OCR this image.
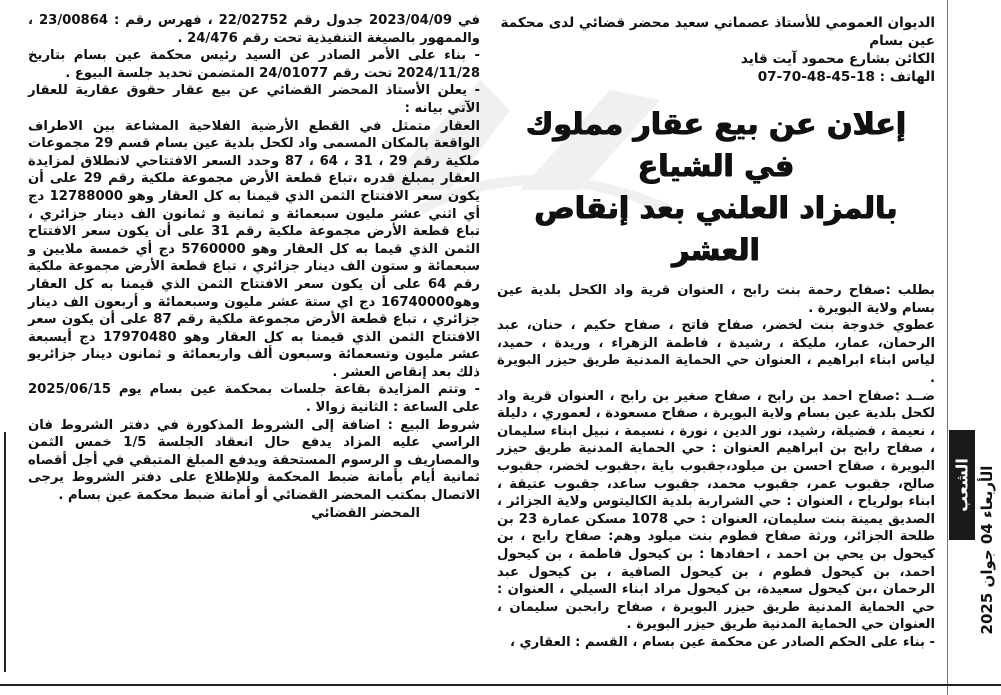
في 2023/04/09 جدول رقم 22/02752 ، فهرس رقم : 23/00864 ، والممهور بالصيغة التنفيذية تحت رقم 24/476 .

- بناء على الأمر الصادر عن السيد رئيس محكمة عين بسام بتاريخ 2024/11/28 تحت رقم 24/01077 المتضمن تحديد جلسة البيوع .

- يعلن الأستاذ المحضر القضائي عن بيع عقار حقوق عقارية للعقار الآتي بيانه :

العقار متمثل في القطع الأرضية الفلاحية المشاعة بين الاطراف الواقعة بالمكان المسمى واد لكحل بلدية عين بسام قسم 29 مجموعات ملكية رقم 29 ، 31 ، 64 ، 87 وحدد السعر الافتتاحي لانطلاق لمزايدة العقار بمبلغ قدره ،تباع قطعة الأرض مجموعة ملكية رقم 29 على أن يكون سعر الافتتاح الثمن الذي قيمنا به كل العقار وهو 12788000 دج أي اثني عشر مليون سبعمائة و ثمانية و ثمانون الف دينار جزائري ، تباع قطعة الأرض مجموعة ملكية رقم 31 على أن يكون سعر الافتتاح الثمن الذي قيما به كل العقار وهو 5760000 دج أي خمسة ملايين و سبعمائة و ستون الف دينار جزائري ، تباع قطعة الأرض مجموعة ملكية رقم 64 على أن يكون سعر الافتتاح الثمن الذي قيمنا به كل العقار وهو16740000 دج اي ستة عشر مليون وسبعمائة و أربعون الف دينار جزائري ، تباع قطعة الأرض مجموعة ملكية رقم 87 على أن يكون سعر الافتتاح الثمن الذي قيمنا به كل العقار وهو 17970480 دج أيسبعة عشر مليون وتسعمائة وسبعون ألف واربعمائة و ثمانون دينار جزائريو ذلك بعد إنقاص العشر .

- وتتم المزايدة بقاعة جلسات بمحكمة عين بسام يوم 2025/06/15 على الساعة : الثانية زوالا .

شروط البيع : اضافة إلى الشروط المذكورة في دفتر الشروط فان الراسي عليه المزاد يدفع حال انعقاد الجلسة 1/5 خمس الثمن والمصاريف و الرسوم المستحقة ويدفع المبلغ المتبقي في أجل أقصاه ثمانية أيام بأمانة ضبط المحكمة وللإطلاع على دفتر الشروط يرجى الاتصال بمكتب المحضر القضائي أو أمانة ضبط محكمة عين بسام .

المحضر القضائي

الديوان العمومي للأستاذ عصماني سعيد محضر قضائي لدى محكمة

عين بسام

الكائن بشارع محمود آيت قايد

الهاتف : 18-45-48-70-07

إعلان عن بيع عقار مملوك في الشياع
بالمزاد العلني بعد إنقاص العشر

بطلب :صفاح رحمة بنت رابح ، العنوان قرية واد الكحل بلدية عين بسام ولاية البويرة .

عطوي خدوجة بنت لخضر، صفاح فاتح ، صفاح حكيم ، حنان، عبد الرحمان، عمار، مليكة ، رشيدة ، فاطمة الزهراء ، وريدة ، حميد، لياس ابناء ابراهيم ، العنوان حي الحماية المدنية طريق حيزر البويرة .

ضــد :صفاح احمد بن رابح ، صفاح صغير بن رابح ، العنوان قرية واد لكحل بلدية عين بسام ولاية البويرة ، صفاح مسعودة ، لعموري ، دليلة ، نعيمة ، فضيلة، رشيد، نور الدين ، نورة ، نسيمة ، نبيل ابناء سليمان ، صفاح رابح بن ابراهيم العنوان : حي الحماية المدنية طريق حيزر البويرة ، صفاح احسن بن ميلود،جقبوب باية ،جقبوب لخضر، جقبوب صالح، جقبوب عمر، جقبوب محمد، جقبوب ساعد، جقبوب عتيقة ، ابناء بولرياح ، العنوان : حي الشراربة بلدية الكاليتوس ولاية الجزائر ، الصديق يمينة بنت سليمان، العنوان : حي 1078 مسكن عمارة 23 بن طلحة الجزائر، ورثة صفاح فطوم بنت ميلود وهم: صفاح رابح ، بن كيحول بن يحي بن احمد ، احفادها : بن كيحول فاطمة ، بن كيحول احمد، بن كيحول فطوم ، بن كيحول الصافية ، بن كيحول عبد الرحمان ،بن كيحول سعيدة، بن كيحول مراد ابناء السيلي ، العنوان : حي الحماية المدنية طريق حيزر البويرة ، صفاح رابحبن سليمان ، العنوان حي الحماية المدنية طريق حيزر البويرة .

- بناء على الحكم الصادر عن محكمة عين بسام ، القسم : العقاري ،

الشعب
2025 الأربعاء 04 جوان
